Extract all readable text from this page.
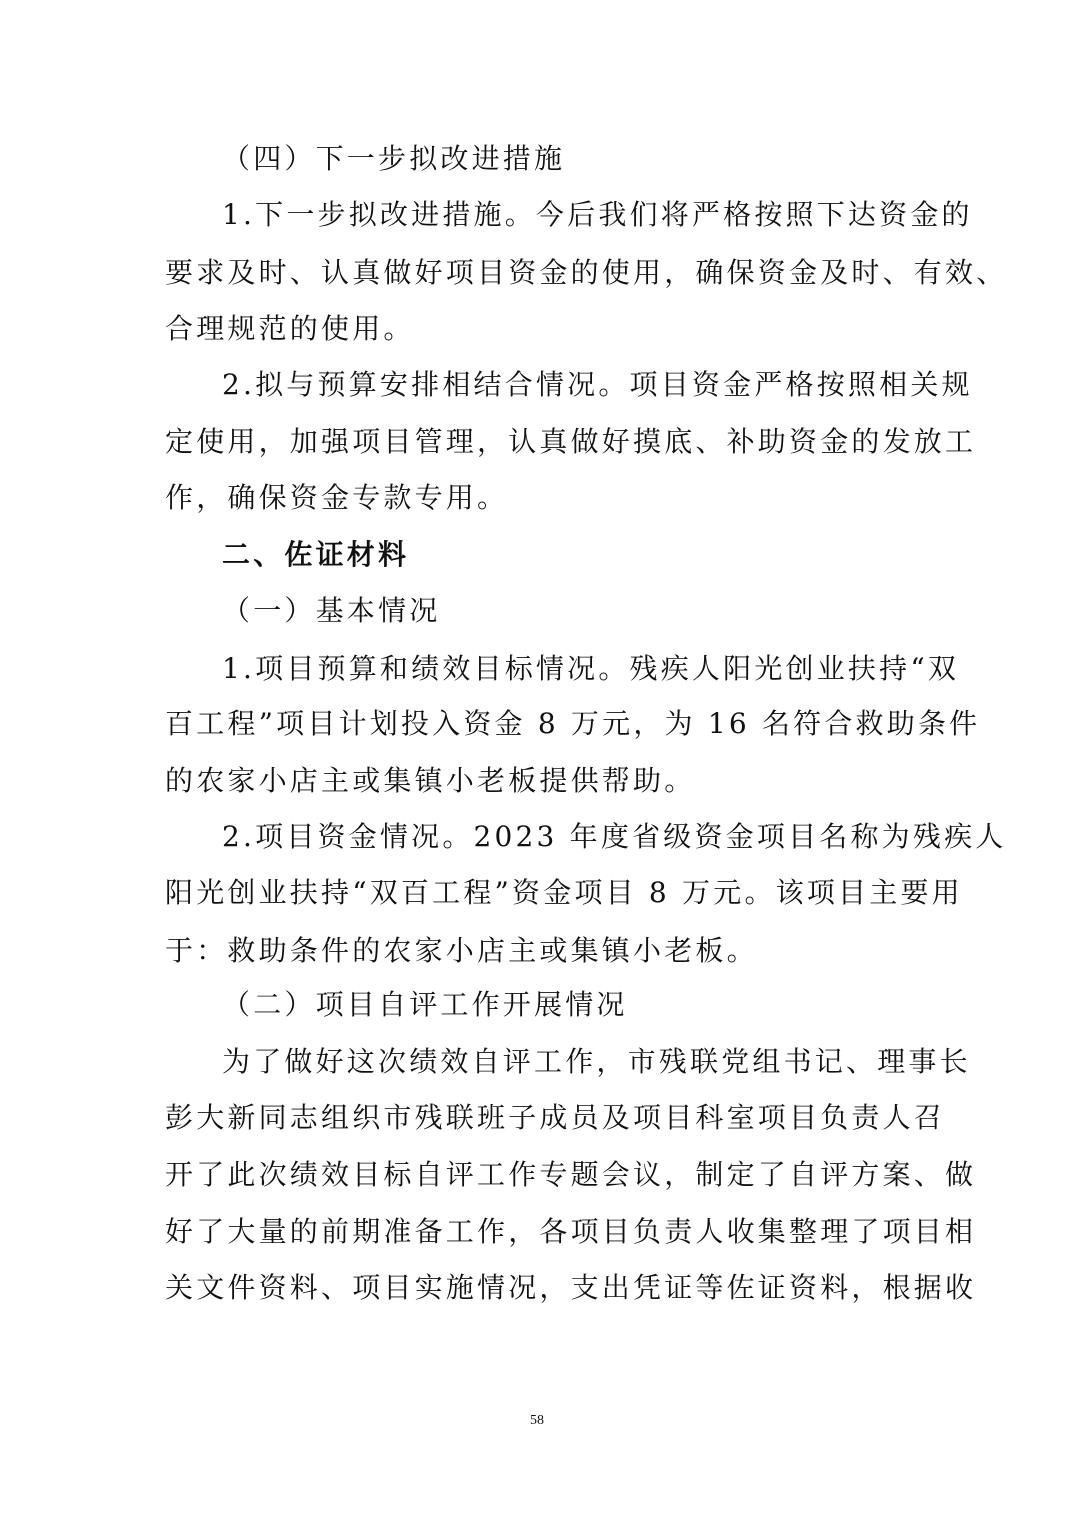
（四）下一步拟改进措施
1.下一步拟改进措施。今后我们将严格按照下达资金的
要求及时、认真做好项目资金的使用，确保资金及时、有效、
合理规范的使用。
2.拟与预算安排相结合情况。项目资金严格按照相关规
定使用，加强项目管理，认真做好摸底、补助资金的发放工
作，确保资金专款专用。
二、佐证材料
（一）基本情况
1.项目预算和绩效目标情况。残疾人阳光创业扶持“双
百工程”项目计划投入资金 8 万元，为 16 名符合救助条件
的农家小店主或集镇小老板提供帮助。
2.项目资金情况。2023 年度省级资金项目名称为残疾人
阳光创业扶持“双百工程”资金项目 8 万元。该项目主要用
于：救助条件的农家小店主或集镇小老板。
（二）项目自评工作开展情况
为了做好这次绩效自评工作，市残联党组书记、理事长
彭大新同志组织市残联班子成员及项目科室项目负责人召
开了此次绩效目标自评工作专题会议，制定了自评方案、做
好了大量的前期准备工作，各项目负责人收集整理了项目相
关文件资料、项目实施情况，支出凭证等佐证资料，根据收
58
